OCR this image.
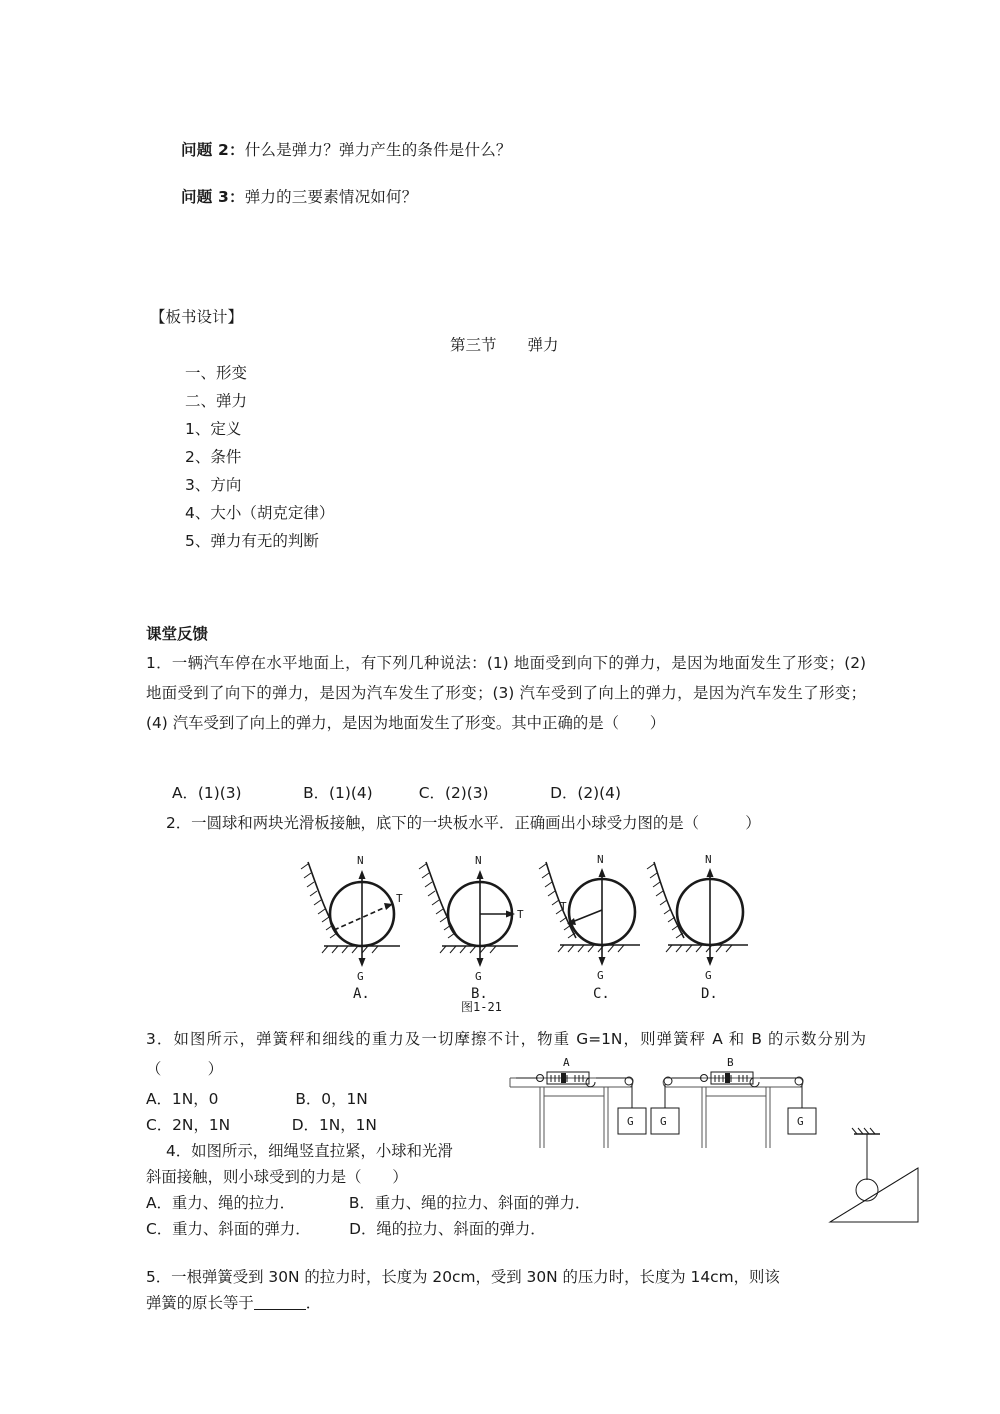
问题 2：什么是弹力？弹力产生的条件是什么？
问题 3：弹力的三要素情况如何？
【板书设计】
第三节　　弹力
一、形变
二、弹力
1、定义
2、条件
3、方向
4、大小（胡克定律）
5、弹力有无的判断
课堂反馈
1．一辆汽车停在水平地面上，有下列几种说法：(1) 地面受到向下的弹力，是因为地面发生了形变；(2) 地面受到了向下的弹力，是因为汽车发生了形变；(3) 汽车受到了向上的弹力，是因为汽车发生了形变；(4) 汽车受到了向上的弹力，是因为地面发生了形变。其中正确的是（　　）
A．(1)(3)　　　　B．(1)(4)　　　C．(2)(3)　　　　D．(2)(4)
2．一圆球和两块光滑板接触，底下的一块板水平．正确画出小球受力图的是（　　　）
N
T
G
A.
N
T
G
B.
N
T
G
C.
N
G
D.
图1-21
3．如图所示，弹簧秤和细线的重力及一切摩擦不计，物重 G=1N，则弹簧秤 A 和 B 的示数分别为（　　　）
A．1N，0　　　　　B．0，1N
C．2N，1N　　　　D．1N，1N	G
A
G	G
B
4．如图所示，细绳竖直拉紧，小球和光滑
斜面接触，则小球受到的力是（　　）
A．重力、绳的拉力．　　　　B．重力、绳的拉力、斜面的弹力．
C．重力、斜面的弹力．　　　D．绳的拉力、斜面的弹力．
5．一根弹簧受到 30N 的拉力时，长度为 20cm，受到 30N 的压力时，长度为 14cm，则该
弹簧的原长等于	．
